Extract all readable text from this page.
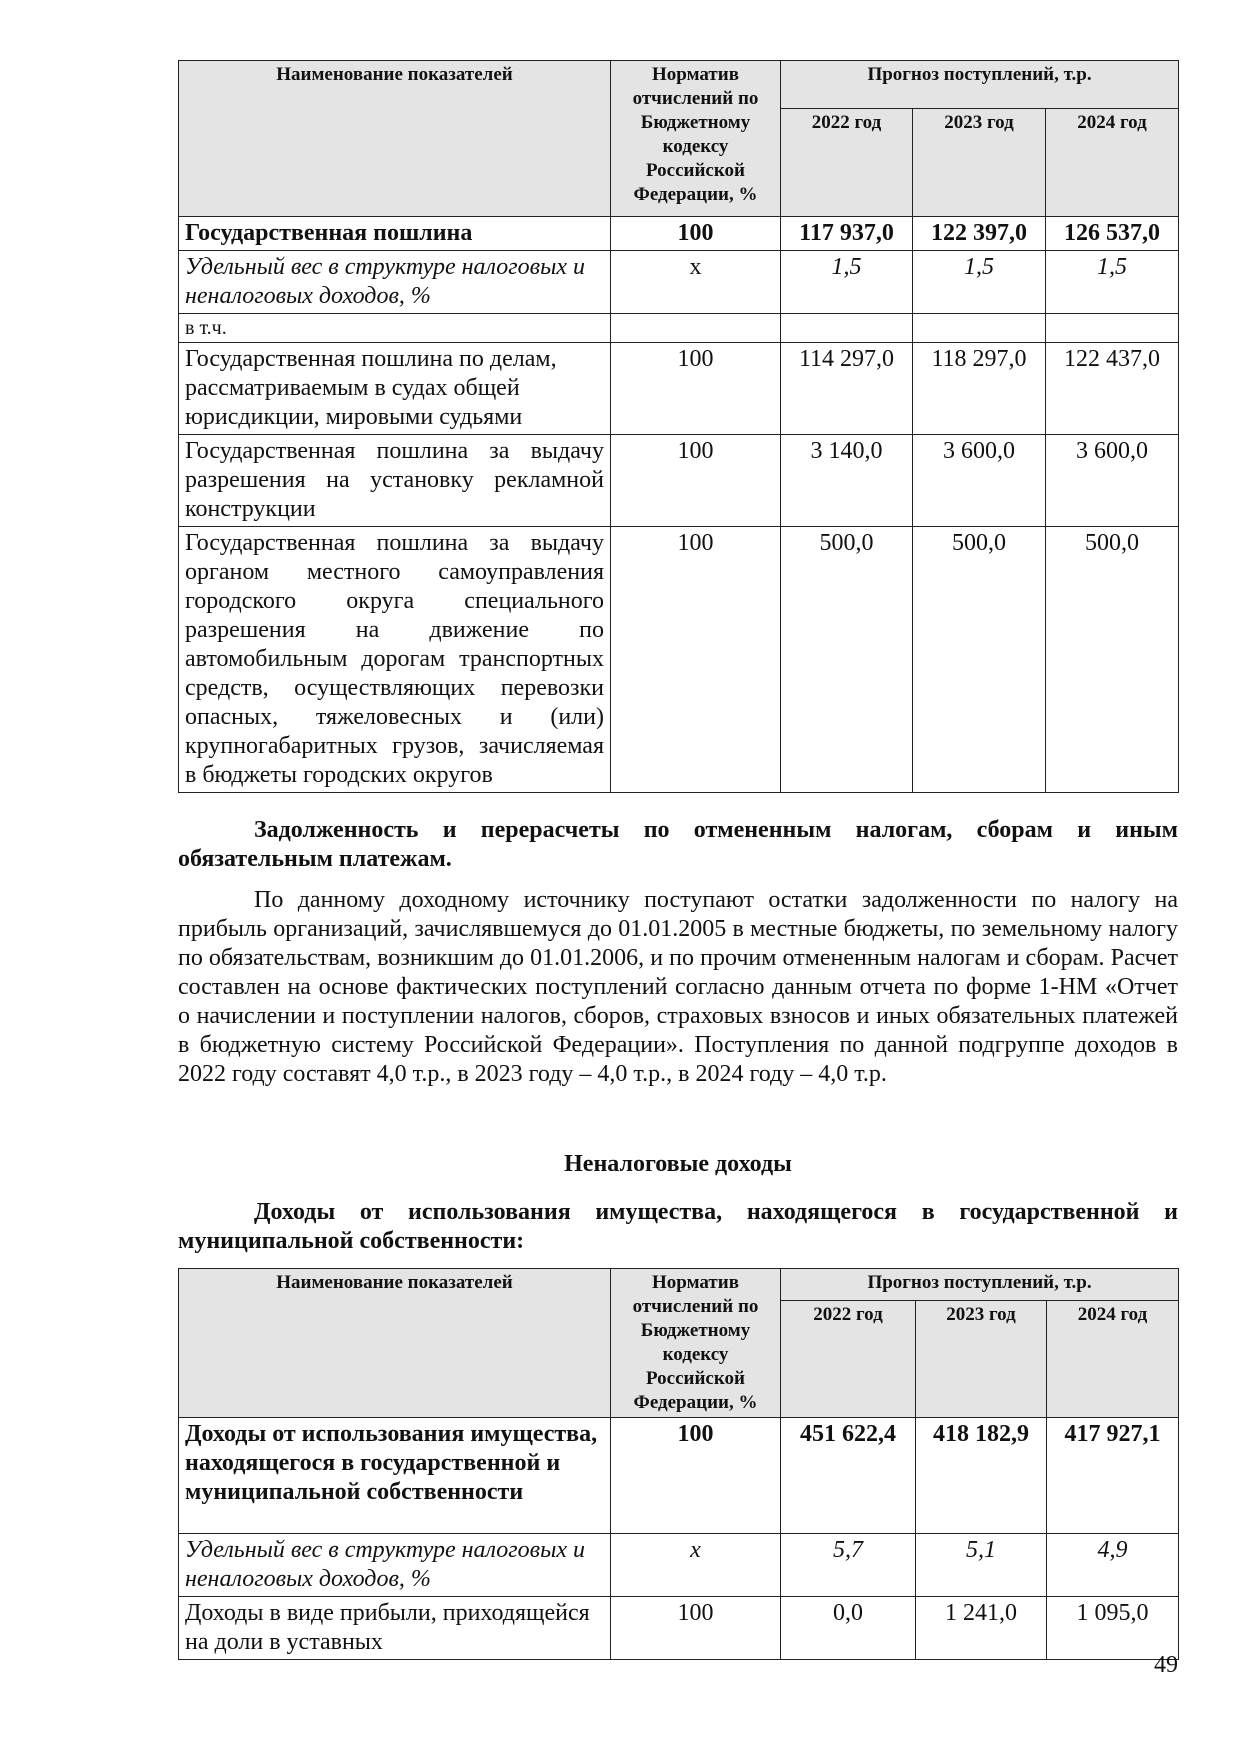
Наименование показателей	Норматив отчислений по Бюджетному кодексу Российской Федерации, %	Прогноз поступлений, т.р.		
		2022 год	2023 год	2024 год
Государственная пошлина	100	117 937,0	122 397,0	126 537,0
Удельный вес в структуре налоговых и неналоговых доходов, %	x	1,5	1,5	1,5
в т.ч.				
Государственная пошлина по делам, рассматриваемым в судах общей юрисдикции, мировыми судьями	100	114 297,0	118 297,0	122 437,0
Государственная пошлина за выдачу разрешения на установку рекламной конструкции	100	3 140,0	3 600,0	3 600,0
Государственная пошлина за выдачу органом местного самоуправления городского округа специального разрешения на движение по автомобильным дорогам транспортных средств, осуществляющих перевозки опасных, тяжеловесных и (или) крупногабаритных грузов, зачисляемая в бюджеты городских округов	100	500,0	500,0	500,0
Задолженность и перерасчеты по отмененным налогам, сборам и иным обязательным платежам.
По данному доходному источнику поступают остатки задолженности по налогу на прибыль организаций, зачислявшемуся до 01.01.2005 в местные бюджеты, по земельному налогу по обязательствам, возникшим до 01.01.2006, и по прочим отмененным налогам и сборам. Расчет составлен на основе фактических поступлений согласно данным отчета по форме 1-НМ «Отчет о начислении и поступлении налогов, сборов, страховых взносов и иных обязательных платежей в бюджетную систему Российской Федерации». Поступления по данной подгруппе доходов в 2022 году составят 4,0 т.р., в 2023 году – 4,0 т.р., в 2024 году – 4,0 т.р.
Неналоговые доходы
Доходы от использования имущества, находящегося в государственной и муниципальной собственности:
Наименование показателей	Норматив отчислений по Бюджетному кодексу Российской Федерации, %	Прогноз поступлений, т.р.		
		2022 год	2023 год	2024 год
Доходы от использования имущества, находящегося в государственной и муниципальной собственности	100	451 622,4	418 182,9	417 927,1
Удельный вес в структуре налоговых и неналоговых доходов, %	x	5,7	5,1	4,9
Доходы в виде прибыли, приходящейся на доли в уставных	100	0,0	1 241,0	1 095,0
49
